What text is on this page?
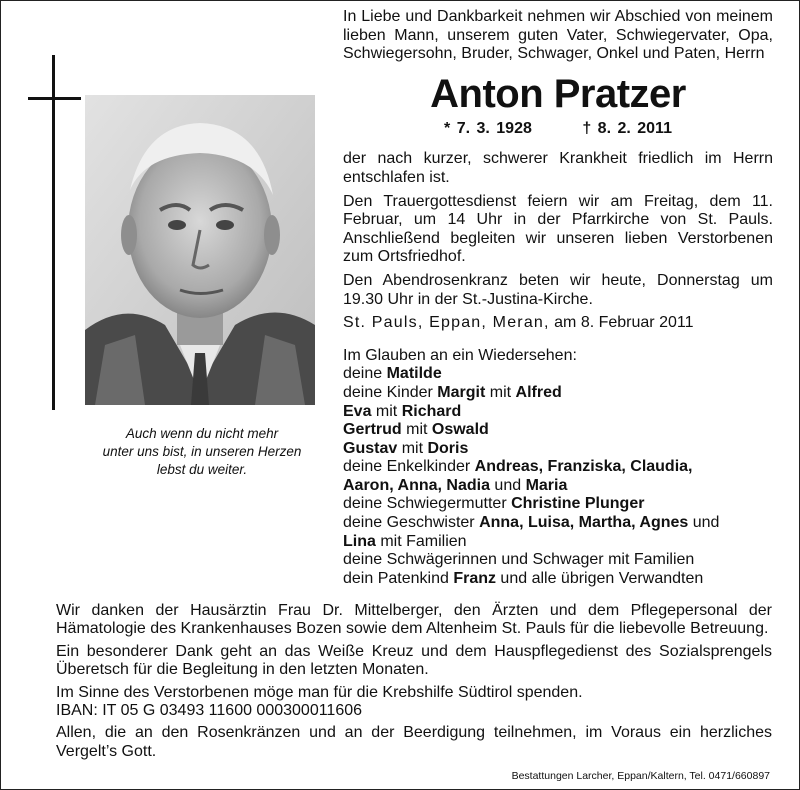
Auch wenn du nicht mehr
unter uns bist, in unseren Herzen
lebst du weiter.

In Liebe und Dankbarkeit nehmen wir Abschied von meinem lieben Mann, unserem guten Vater, Schwiegervater, Opa, Schwiegersohn, Bruder, Schwager, Onkel und Paten, Herrn

Anton Pratzer

* 7. 3. 1928	† 8. 2. 2011

der nach kurzer, schwerer Krankheit friedlich im Herrn entschlafen ist.

Den Trauergottesdienst feiern wir am Freitag, dem 11. Februar, um 14 Uhr in der Pfarrkirche von St. Pauls. Anschließend begleiten wir unseren lieben Verstorbenen zum Ortsfriedhof.

Den Abendrosenkranz beten wir heute, Donnerstag um 19.30 Uhr in der St.-Justina-Kirche.

St. Pauls, Eppan, Meran, am 8. Februar 2011

Im Glauben an ein Wiedersehen:
deine Matilde
deine Kinder Margit mit Alfred
Eva mit Richard
Gertrud mit Oswald
Gustav mit Doris
deine Enkelkinder Andreas, Franziska, Claudia,
Aaron, Anna, Nadia und Maria
deine Schwiegermutter Christine Plunger
deine Geschwister Anna, Luisa, Martha, Agnes und
Lina mit Familien
deine Schwägerinnen und Schwager mit Familien
dein Patenkind Franz und alle übrigen Verwandten

Wir danken der Hausärztin Frau Dr. Mittelberger, den Ärzten und dem Pflegepersonal der Hämatologie des Krankenhauses Bozen sowie dem Altenheim St. Pauls für die liebevolle Betreuung.

Ein besonderer Dank geht an das Weiße Kreuz und dem Hauspflegedienst des Sozialsprengels Überetsch für die Begleitung in den letzten Monaten.

Im Sinne des Verstorbenen möge man für die Krebshilfe Südtirol spenden.

IBAN: IT 05 G 03493 11600 000300011606

Allen, die an den Rosenkränzen und an der Beerdigung teilnehmen, im Voraus ein herzliches Vergelt’s Gott.

Bestattungen Larcher, Eppan/Kaltern, Tel. 0471/660897
